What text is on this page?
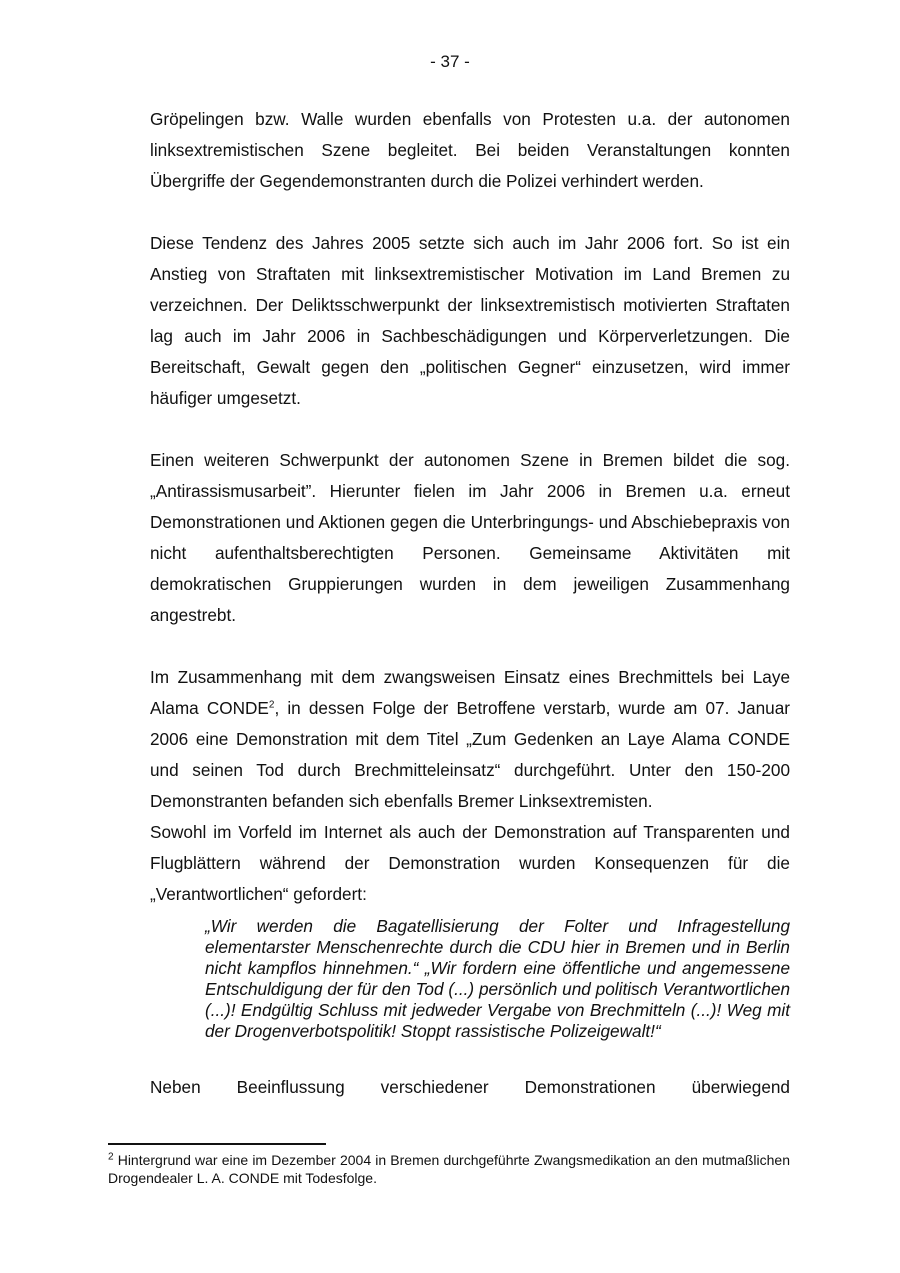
- 37 -

Gröpelingen bzw. Walle wurden ebenfalls von Protesten u.a. der autonomen linksextremistischen Szene begleitet. Bei beiden Veranstaltungen konnten Übergriffe der Gegendemonstranten durch die Polizei verhindert werden.

Diese Tendenz des Jahres 2005 setzte sich auch im Jahr 2006 fort. So ist ein Anstieg von Straftaten mit linksextremistischer Motivation im Land Bremen zu verzeichnen. Der Deliktsschwerpunkt der linksextremistisch motivierten Straftaten lag auch im Jahr 2006 in Sachbeschädigungen und Körperverletzungen. Die Bereitschaft, Gewalt gegen den „politischen Gegner“ einzusetzen, wird immer häufiger umgesetzt.

Einen weiteren Schwerpunkt der autonomen Szene in Bremen bildet die sog. „Antirassismusarbeit”. Hierunter fielen im Jahr 2006 in Bremen u.a. erneut Demonstrationen und Aktionen gegen die Unterbringungs- und Abschiebepraxis von nicht aufenthaltsberechtigten Personen. Gemeinsame Aktivitäten mit demokratischen Gruppierungen wurden in dem jeweiligen Zusammenhang angestrebt.

Im Zusammenhang mit dem zwangsweisen Einsatz eines Brechmittels bei Laye Alama CONDE$^2$, in dessen Folge der Betroffene verstarb, wurde am 07. Januar 2006 eine Demonstration mit dem Titel „Zum Gedenken an Laye Alama CONDE und seinen Tod durch Brechmitteleinsatz“ durchgeführt. Unter den 150-200 Demonstranten befanden sich ebenfalls Bremer Linksextremisten.

Sowohl im Vorfeld im Internet als auch der Demonstration auf Transparenten und Flugblättern während der Demonstration wurden Konsequenzen für die „Verantwortlichen“ gefordert:

„Wir werden die Bagatellisierung der Folter und Infragestellung elementarster Menschenrechte durch die CDU hier in Bremen und in Berlin nicht kampflos hinnehmen.“ „Wir fordern eine öffentliche und angemessene Entschuldigung der für den Tod (...) persönlich und politisch Verantwortlichen (...)! Endgültig Schluss mit jedweder Vergabe von Brechmitteln (...)! Weg mit der Drogenverbotspolitik! Stoppt rassistische Polizeigewalt!“

Neben Beeinflussung verschiedener Demonstrationen überwiegend

$^2$ Hintergrund war eine im Dezember 2004 in Bremen durchgeführte Zwangsmedikation an den mutmaßlichen Drogendealer L. A. CONDE mit Todesfolge.
